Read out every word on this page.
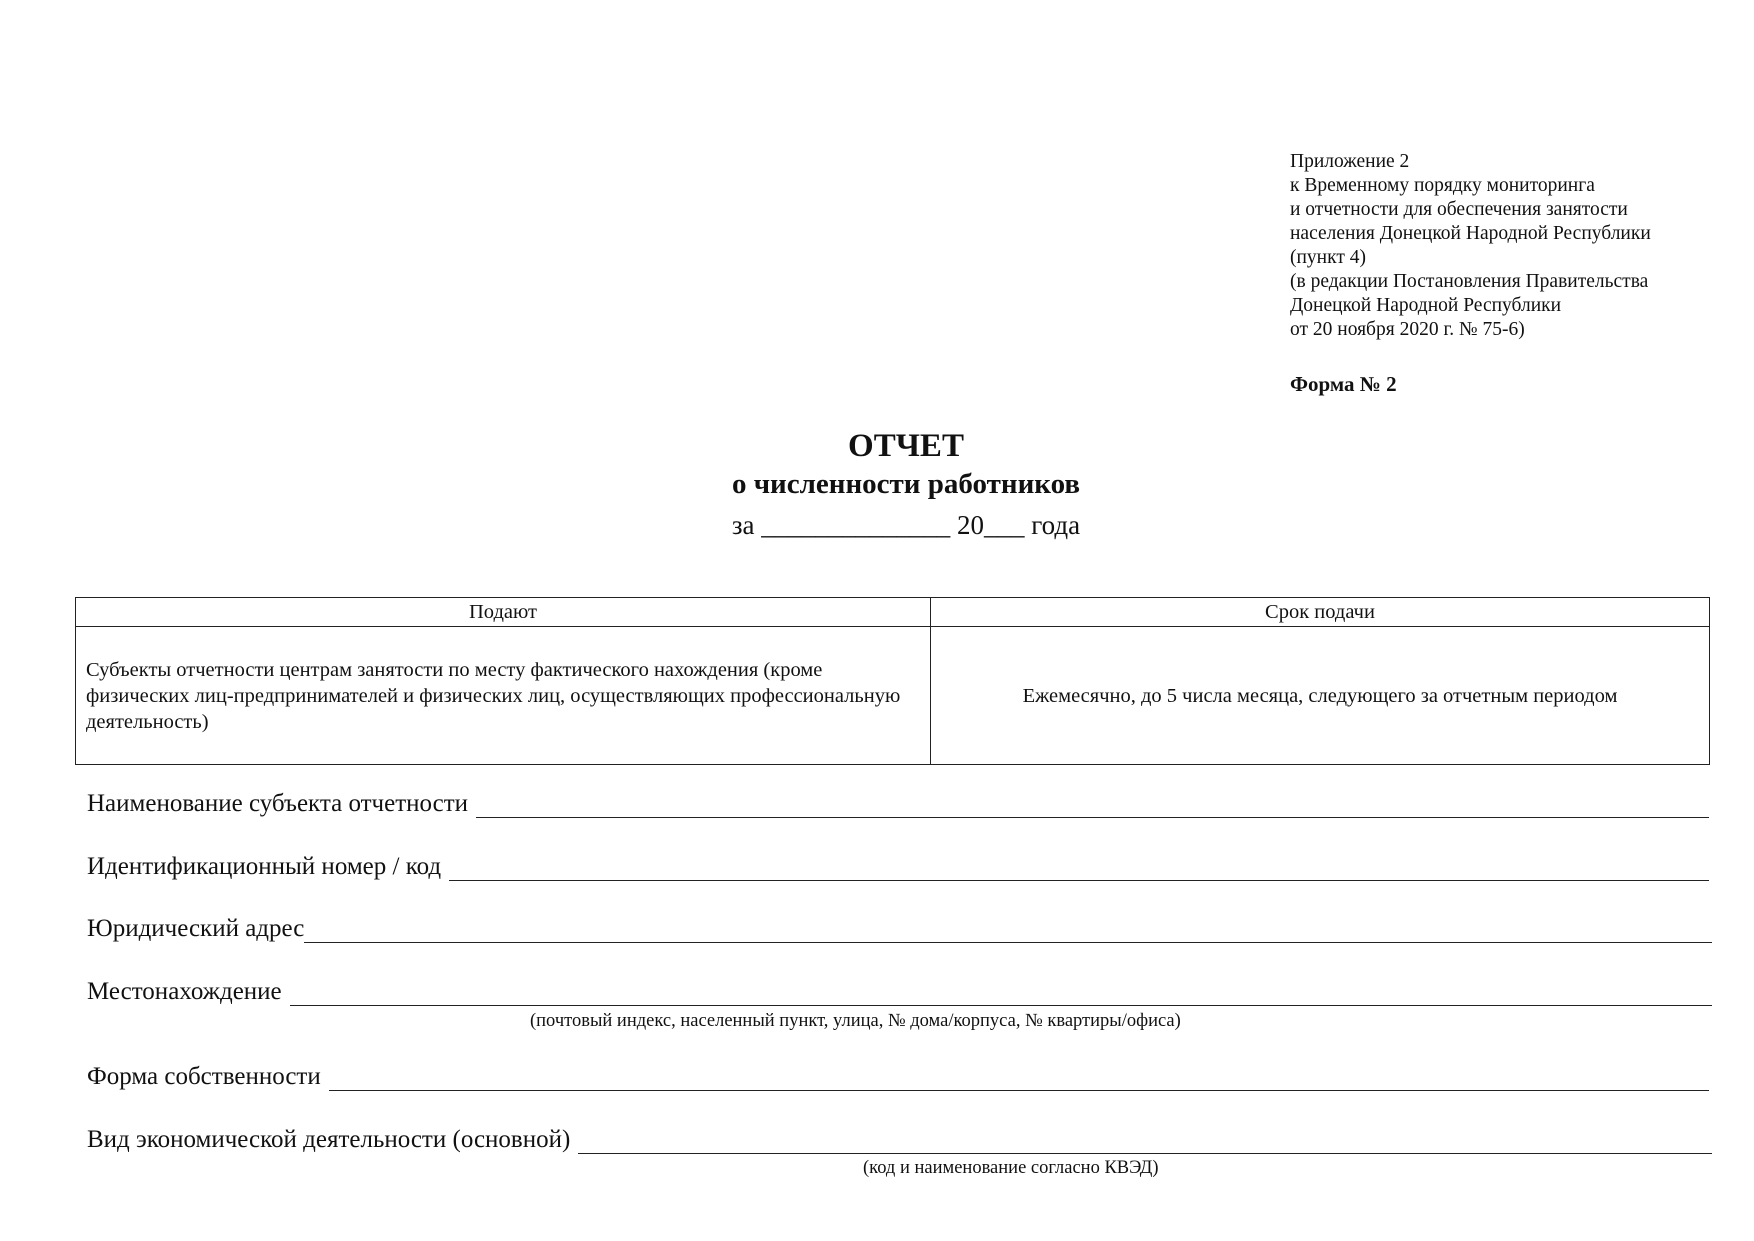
Приложение 2
к Временному порядку мониторинга
и отчетности для обеспечения занятости
населения Донецкой Народной Республики
(пункт 4)
(в редакции Постановления Правительства
Донецкой Народной Республики
от 20 ноября 2020 г. № 75-6)
Форма № 2
ОТЧЕТ
о численности работников
за ______________ 20___ года
Подают	Срок подачи
Субъекты отчетности центрам занятости по месту фактического нахождения (кроме физических лиц-предпринимателей и физических лиц, осуществляющих профессиональную деятельность)	Ежемесячно, до 5 числа месяца, следующего за отчетным периодом
Наименование субъекта отчетности
Идентификационный номер / код
Юридический адрес
Местонахождение
(почтовый индекс, населенный пункт, улица, № дома/корпуса, № квартиры/офиса)
Форма собственности
Вид экономической деятельности (основной)
(код и наименование согласно КВЭД)
